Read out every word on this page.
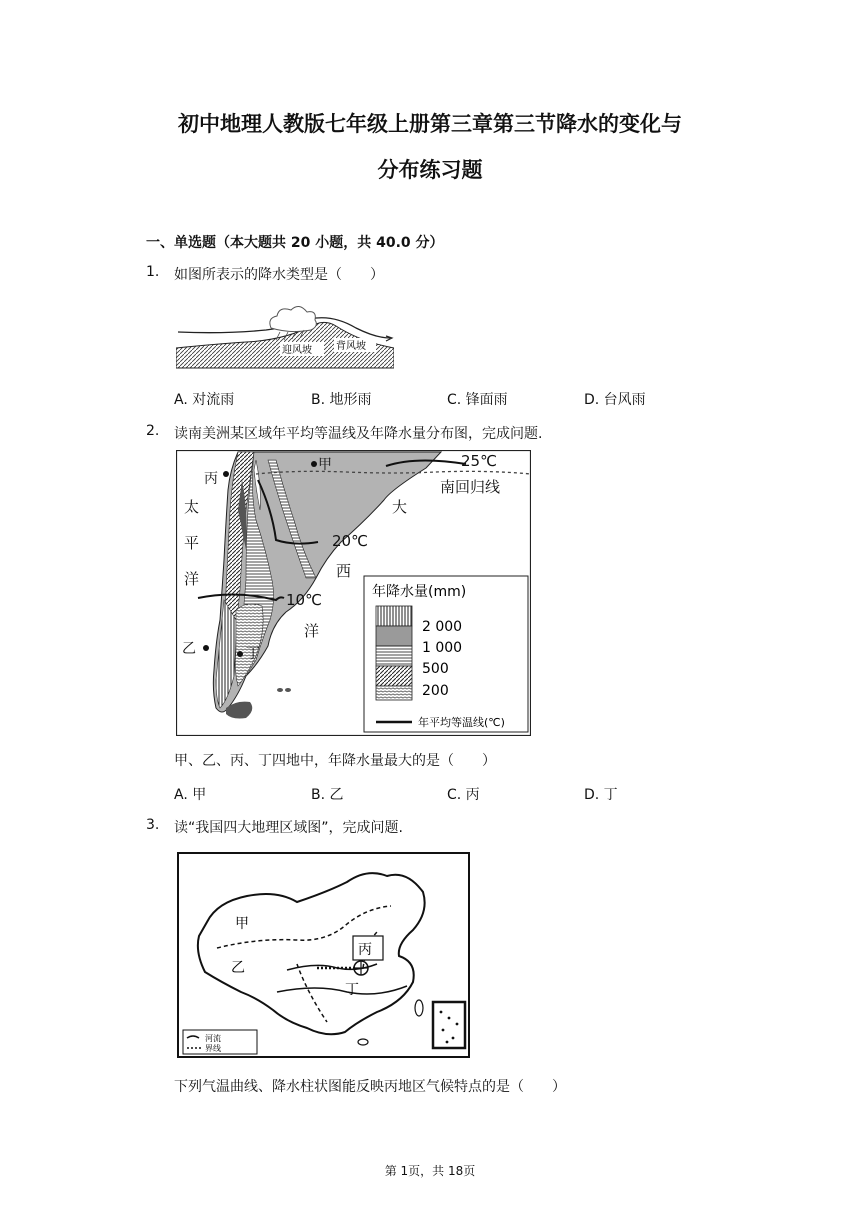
初中地理人教版七年级上册第三章第三节降水的变化与
分布练习题
一、单选题（本大题共 20 小题，共 40.0 分）
1. 如图所表示的降水类型是（　　）
迎风坡 背风坡
A. 对流雨	B. 地形雨	C. 锋面雨	D. 台风雨
2. 读南美洲某区域年平均等温线及年降水量分布图，完成问题.
甲
乙
丙
丁
25℃
20℃
10℃
南回归线
太
平
洋
大
西
洋
年降水量(mm)
2 000
1 000
500
200
年平均等温线(℃)
甲、乙、丙、丁四地中，年降水量最大的是（　　）
A. 甲	B. 乙	C. 丙	D. 丁
3. 读“我国四大地理区域图”，完成问题.
甲
乙
丙
丁
河流
界线
下列气温曲线、降水柱状图能反映丙地区气候特点的是（　　）
第 1页，共 18页
